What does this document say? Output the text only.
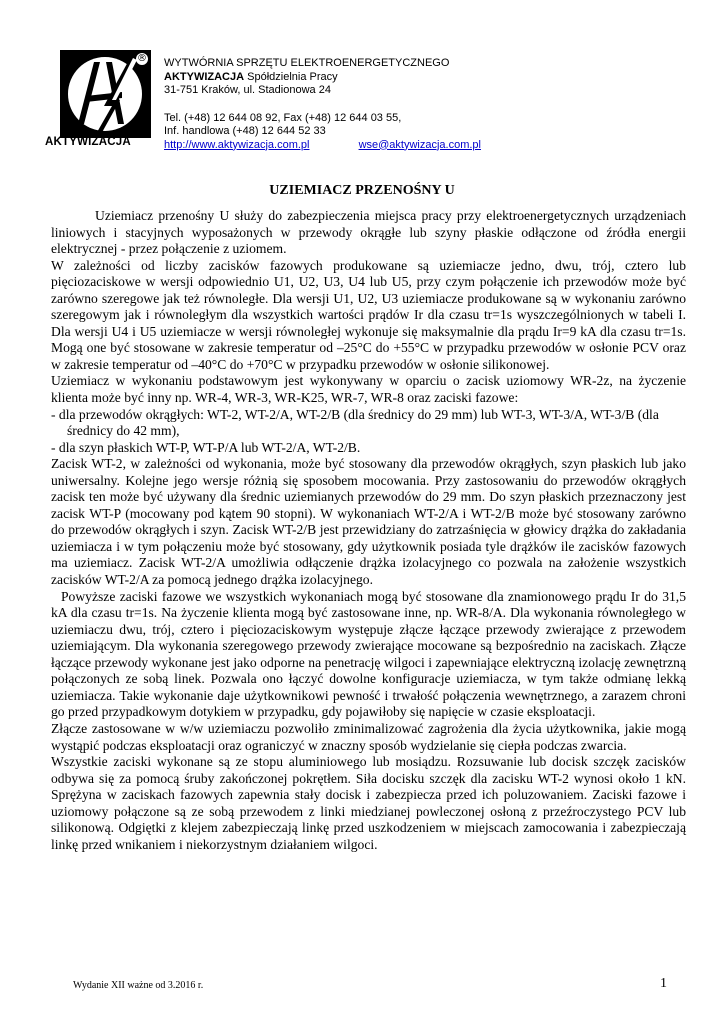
®
AKTYWIZACJA
WYTWÓRNIA SPRZĘTU ELEKTROENERGETYCZNEGO
AKTYWIZACJA Spółdzielnia Pracy
31-751 Kraków, ul. Stadionowa 24
Tel. (+48) 12 644 08 92, Fax (+48) 12 644 03 55,
Inf. handlowa (+48) 12 644 52 33
http://www.aktywizacja.com.pl	wse@aktywizacja.com.pl
UZIEMIACZ PRZENOŚNY U

Uziemiacz przenośny U służy do zabezpieczenia miejsca pracy przy elektroenergetycznych urządzeniach liniowych i stacyjnych wyposażonych w przewody okrągłe lub szyny płaskie odłączone od źródła energii elektrycznej - przez połączenie z uziomem.

W zależności od liczby zacisków fazowych produkowane są uziemiacze jedno, dwu, trój, cztero lub pięciozaciskowe w wersji odpowiednio U1, U2, U3, U4 lub U5, przy czym połączenie ich przewodów może być zarówno szeregowe jak też równoległe. Dla wersji U1, U2, U3 uziemiacze produkowane są w wykonaniu zarówno szeregowym jak i równoległym dla wszystkich wartości prądów Ir dla czasu tr=1s wyszczególnionych w tabeli I. Dla wersji U4 i U5 uziemiacze w wersji równoległej wykonuje się maksymalnie dla prądu Ir=9 kA dla czasu tr=1s. Mogą one być stosowane w zakresie temperatur od –25°C do +55°C w przypadku przewodów w osłonie PCV oraz w zakresie temperatur od –40°C do +70°C w przypadku przewodów w osłonie silikonowej.

Uziemiacz w wykonaniu podstawowym jest wykonywany w oparciu o zacisk uziomowy WR-2z, na życzenie klienta może być inny np. WR-4, WR-3, WR-K25, WR-7, WR-8 oraz zaciski fazowe:

- dla przewodów okrągłych: WT-2, WT-2/A, WT-2/B (dla średnicy do 29 mm) lub WT-3, WT-3/A, WT-3/B (dla średnicy do 42 mm),

- dla szyn płaskich WT-P, WT-P/A lub WT-2/A, WT-2/B.

Zacisk WT-2, w zależności od wykonania, może być stosowany dla przewodów okrągłych, szyn płaskich lub jako uniwersalny. Kolejne jego wersje różnią się sposobem mocowania. Przy zastosowaniu do przewodów okrągłych zacisk ten może być używany dla średnic uziemianych przewodów do 29 mm. Do szyn płaskich przeznaczony jest zacisk WT-P (mocowany pod kątem 90 stopni). W wykonaniach WT-2/A i WT-2/B może być stosowany zarówno do przewodów okrągłych i szyn. Zacisk WT-2/B jest przewidziany do zatrzaśnięcia w głowicy drążka do zakładania uziemiacza i w tym połączeniu może być stosowany, gdy użytkownik posiada tyle drążków ile zacisków fazowych ma uziemiacz. Zacisk WT-2/A umożliwia odłączenie drążka izolacyjnego co pozwala na założenie wszystkich zacisków WT-2/A za pomocą jednego drążka izolacyjnego.

Powyższe zaciski fazowe we wszystkich wykonaniach mogą być stosowane dla znamionowego prądu Ir do 31,5 kA dla czasu tr=1s. Na życzenie klienta mogą być zastosowane inne, np. WR-8/A. Dla wykonania równoległego w uziemiaczu dwu, trój, cztero i pięciozaciskowym występuje złącze łączące przewody zwierające z przewodem uziemiającym. Dla wykonania szeregowego przewody zwierające mocowane są bezpośrednio na zaciskach. Złącze łączące przewody wykonane jest jako odporne na penetrację wilgoci i zapewniające elektryczną izolację zewnętrzną połączonych ze sobą linek. Pozwala ono łączyć dowolne konfiguracje uziemiacza, w tym także odmianę lekką uziemiacza. Takie wykonanie daje użytkownikowi pewność i trwałość połączenia wewnętrznego, a zarazem chroni go przed przypadkowym dotykiem w przypadku, gdy pojawiłoby się napięcie w czasie eksploatacji.

Złącze zastosowane w w/w uziemiaczu pozwoliło zminimalizować zagrożenia dla życia użytkownika, jakie mogą wystąpić podczas eksploatacji oraz ograniczyć w znaczny sposób wydzielanie się ciepła podczas zwarcia.

Wszystkie zaciski wykonane są ze stopu aluminiowego lub mosiądzu. Rozsuwanie lub docisk szczęk zacisków odbywa się za pomocą śruby zakończonej pokrętłem. Siła docisku szczęk dla zacisku WT-2 wynosi około 1 kN. Sprężyna w zaciskach fazowych zapewnia stały docisk i zabezpiecza przed ich poluzowaniem. Zaciski fazowe i uziomowy połączone są ze sobą przewodem z linki miedzianej powleczonej osłoną z przeźroczystego PCV lub silikonową. Odgiętki z klejem zabezpieczają linkę przed uszkodzeniem w miejscach zamocowania i zabezpieczają linkę przed wnikaniem i niekorzystnym działaniem wilgoci.

Wydanie XII ważne od 3.2016 r.	1
